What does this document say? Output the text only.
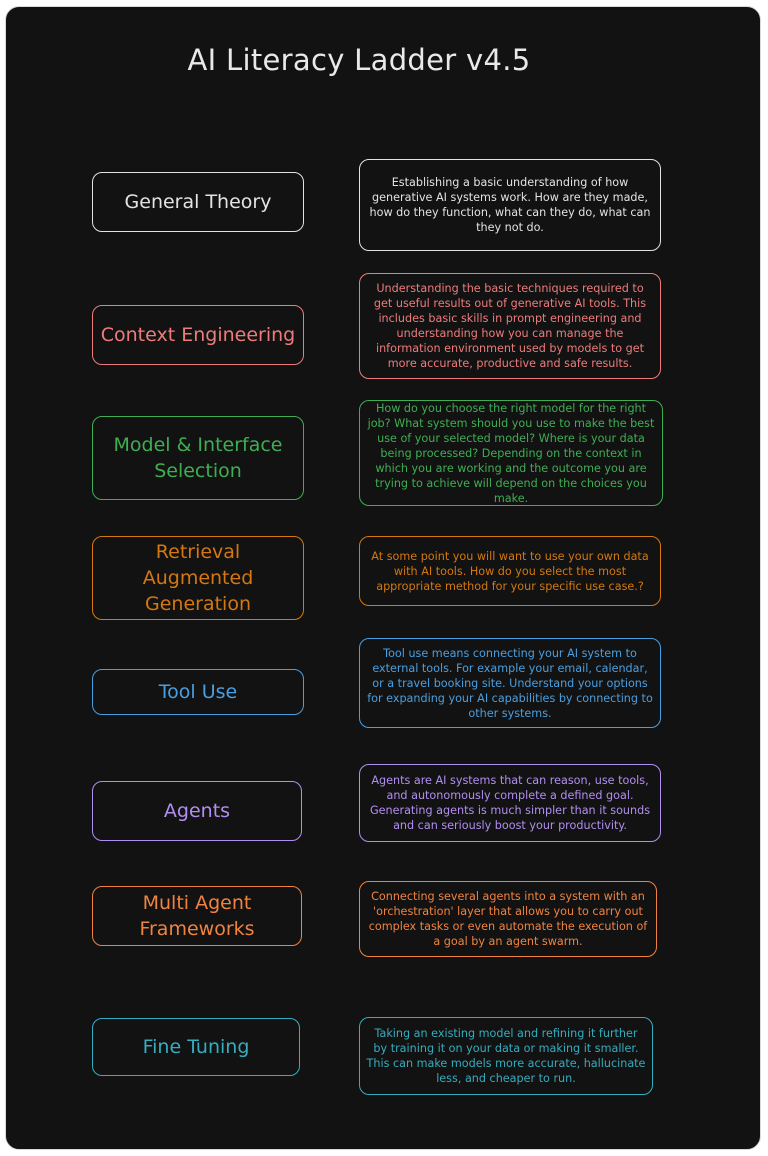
AI Literacy Ladder v4.5
General Theory
Establishing a basic understanding of how generative AI systems work. How are they made, how do they function, what can they do, what can they not do.
Context Engineering
Understanding the basic techniques required to get useful results out of generative AI tools. This includes basic skills in prompt engineering and understanding how you can manage the information environment used by models to get more accurate, productive and safe results.
Model & Interface Selection
How do you choose the right model for the right job? What system should you use to make the best use of your selected model? Where is your data being processed? Depending on the context in which you are working and the outcome you are trying to achieve will depend on the choices you make.
Retrieval Augmented Generation
At some point you will want to use your own data with AI tools. How do you select the most appropriate method for your specific use case.?
Tool Use
Tool use means connecting your AI system to external tools. For example your email, calendar, or a travel booking site. Understand your options for expanding your AI capabilities by connecting to other systems.
Agents
Agents are AI systems that can reason, use tools, and autonomously complete a defined goal. Generating agents is much simpler than it sounds and can seriously boost your productivity.
Multi Agent Frameworks
Connecting several agents into a system with an 'orchestration' layer that allows you to carry out complex tasks or even automate the execution of a goal by an agent swarm.
Fine Tuning
Taking an existing model and refining it further by training it on your data or making it smaller. This can make models more accurate, hallucinate less, and cheaper to run.
